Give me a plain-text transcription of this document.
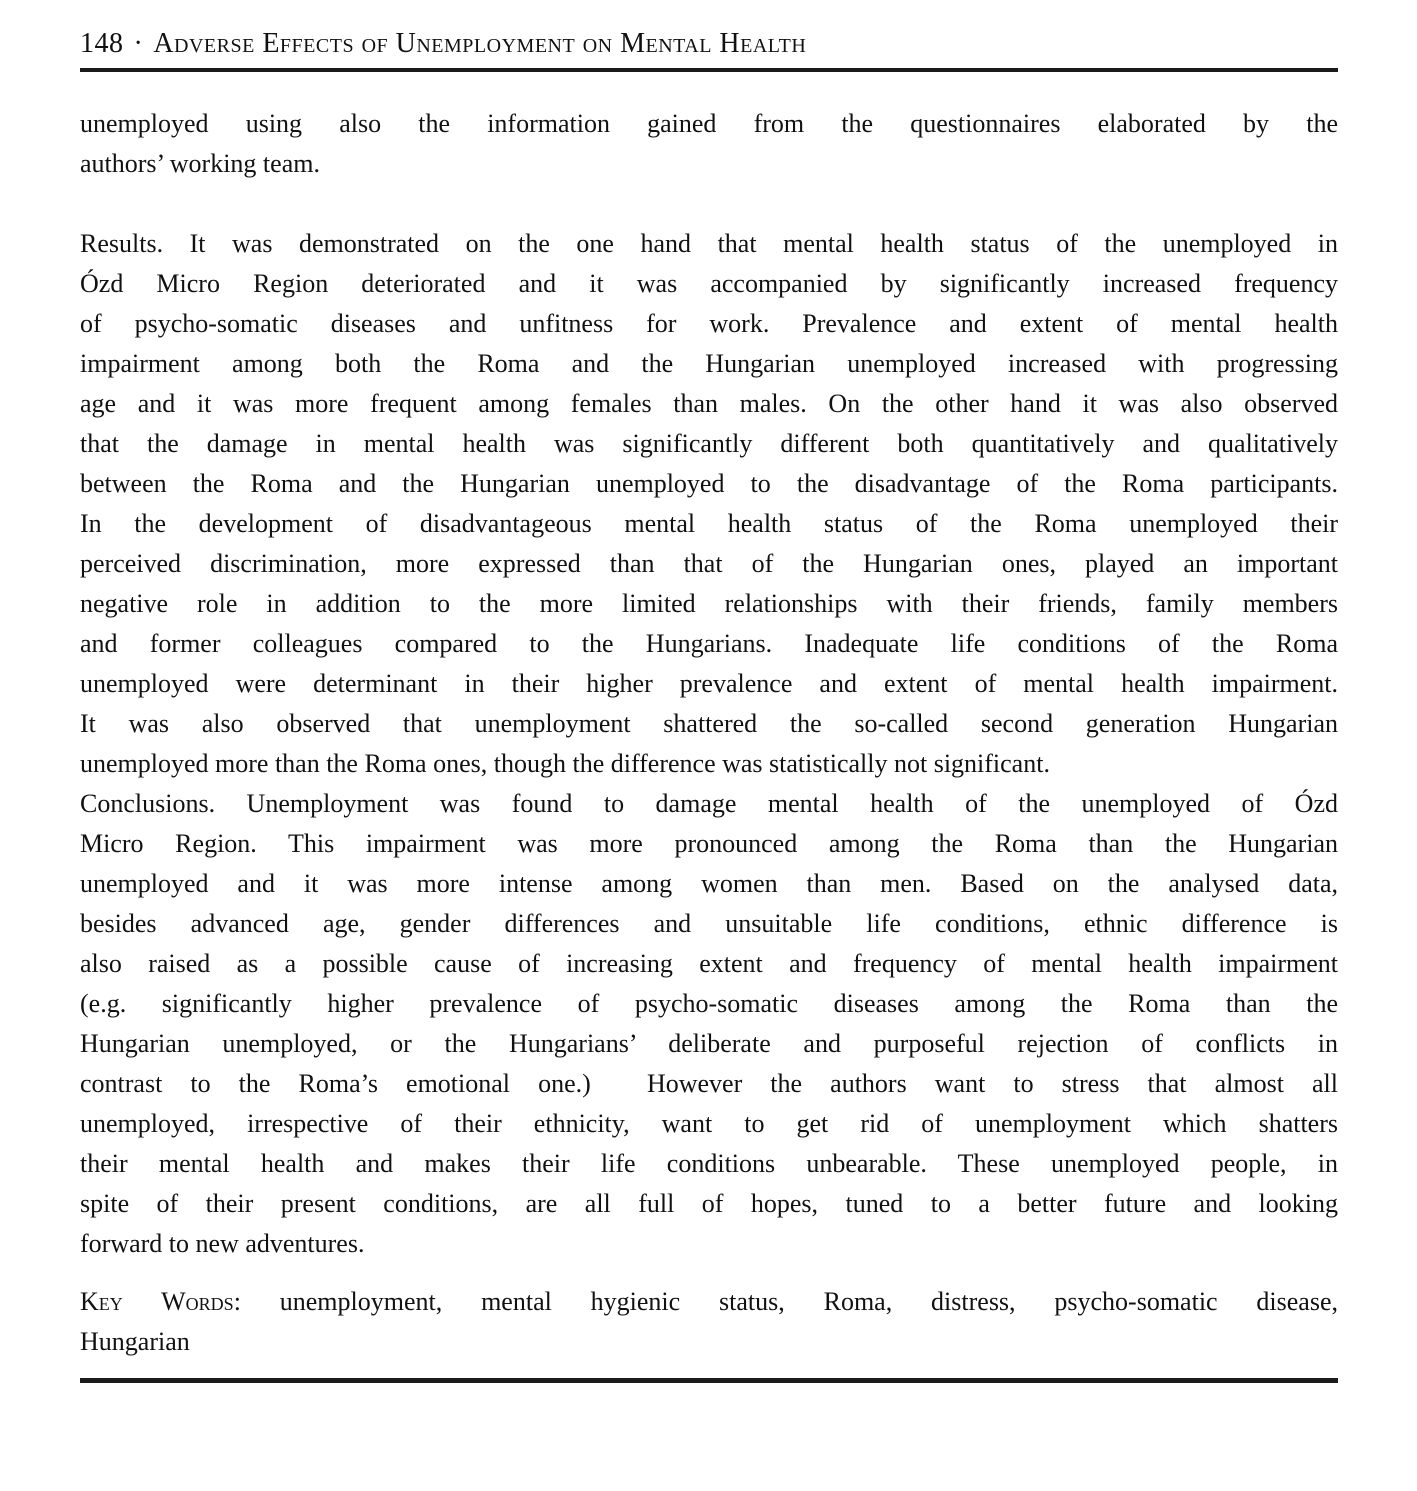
148 · Adverse Effects of Unemployment on Mental Health
unemployed using also the information gained from the questionnaires elaborated by the
authors’ working team.
Results. It was demonstrated on the one hand that mental health status of the unemployed in
Ózd Micro Region deteriorated and it was accompanied by significantly increased frequency
of psycho-somatic diseases and unfitness for work. Prevalence and extent of mental health
impairment among both the Roma and the Hungarian unemployed increased with progressing
age and it was more frequent among females than males. On the other hand it was also observed
that the damage in mental health was significantly different both quantitatively and qualitatively
between the Roma and the Hungarian unemployed to the disadvantage of the Roma participants.
In the development of disadvantageous mental health status of the Roma unemployed their
perceived discrimination, more expressed than that of the Hungarian ones, played an important
negative role in addition to the more limited relationships with their friends, family members
and former colleagues compared to the Hungarians. Inadequate life conditions of the Roma
unemployed were determinant in their higher prevalence and extent of mental health impairment.
It was also observed that unemployment shattered the so-called second generation Hungarian
unemployed more than the Roma ones, though the difference was statistically not significant.
Conclusions. Unemployment was found to damage mental health of the unemployed of Ózd
Micro Region. This impairment was more pronounced among the Roma than the Hungarian
unemployed and it was more intense among women than men. Based on the analysed data,
besides advanced age, gender differences and unsuitable life conditions, ethnic difference is
also raised as a possible cause of increasing extent and frequency of mental health impairment
(e.g. significantly higher prevalence of psycho-somatic diseases among the Roma than the
Hungarian unemployed, or the Hungarians’ deliberate and purposeful rejection of conflicts in
contrast to the Roma’s emotional one.)  However the authors want to stress that almost all
unemployed, irrespective of their ethnicity, want to get rid of unemployment which shatters
their mental health and makes their life conditions unbearable. These unemployed people, in
spite of their present conditions, are all full of hopes, tuned to a better future and looking
forward to new adventures.
Key Words: unemployment, mental hygienic status, Roma, distress, psycho-somatic disease,
Hungarian
